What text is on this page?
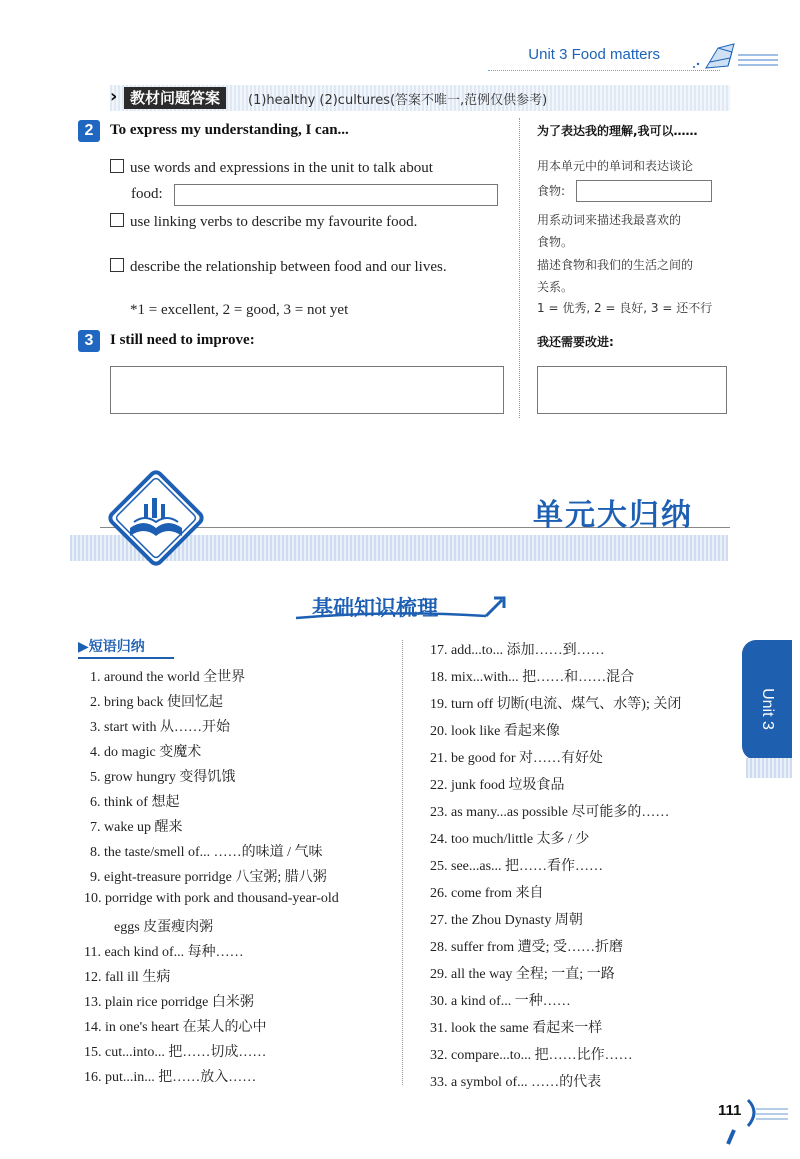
Unit 3 Food matters
› 教材问题答案	(1)healthy (2)cultures(答案不唯一,范例仅供参考)
2	To express my understanding, I can...
use words and expressions in the unit to talk about
food:
use linking verbs to describe my favourite food.
describe the relationship between food and our lives.
*1 = excellent, 2 = good, 3 = not yet
为了表达我的理解,我可以……
用本单元中的单词和表达谈论
食物:
用系动词来描述我最喜欢的
食物。
描述食物和我们的生活之间的
关系。
1 = 优秀, 2 = 良好, 3 = 还不行
3	I still need to improve:	我还需要改进:
单元大归纳
基础知识梳理
▶短语归纳
1. around the world 全世界
2. bring back 使回忆起
3. start with 从……开始
4. do magic 变魔术
5. grow hungry 变得饥饿
6. think of 想起
7. wake up 醒来
8. the taste/smell of... ……的味道 / 气味
9. eight-treasure porridge 八宝粥; 腊八粥
10. porridge with pork and thousand-year-old
eggs 皮蛋瘦肉粥
11. each kind of... 每种……
12. fall ill 生病
13. plain rice porridge 白米粥
14. in one's heart 在某人的心中
15. cut...into... 把……切成……
16. put...in... 把……放入……
17. add...to... 添加……到……
18. mix...with... 把……和……混合
19. turn off 切断(电流、煤气、水等); 关闭
20. look like 看起来像
21. be good for 对……有好处
22. junk food 垃圾食品
23. as many...as possible 尽可能多的……
24. too much/little 太多 / 少
25. see...as... 把……看作……
26. come from 来自
27. the Zhou Dynasty 周朝
28. suffer from 遭受; 受……折磨
29. all the way 全程; 一直; 一路
30. a kind of... 一种……
31. look the same 看起来一样
32. compare...to... 把……比作……
33. a symbol of... ……的代表
Unit 3
111
